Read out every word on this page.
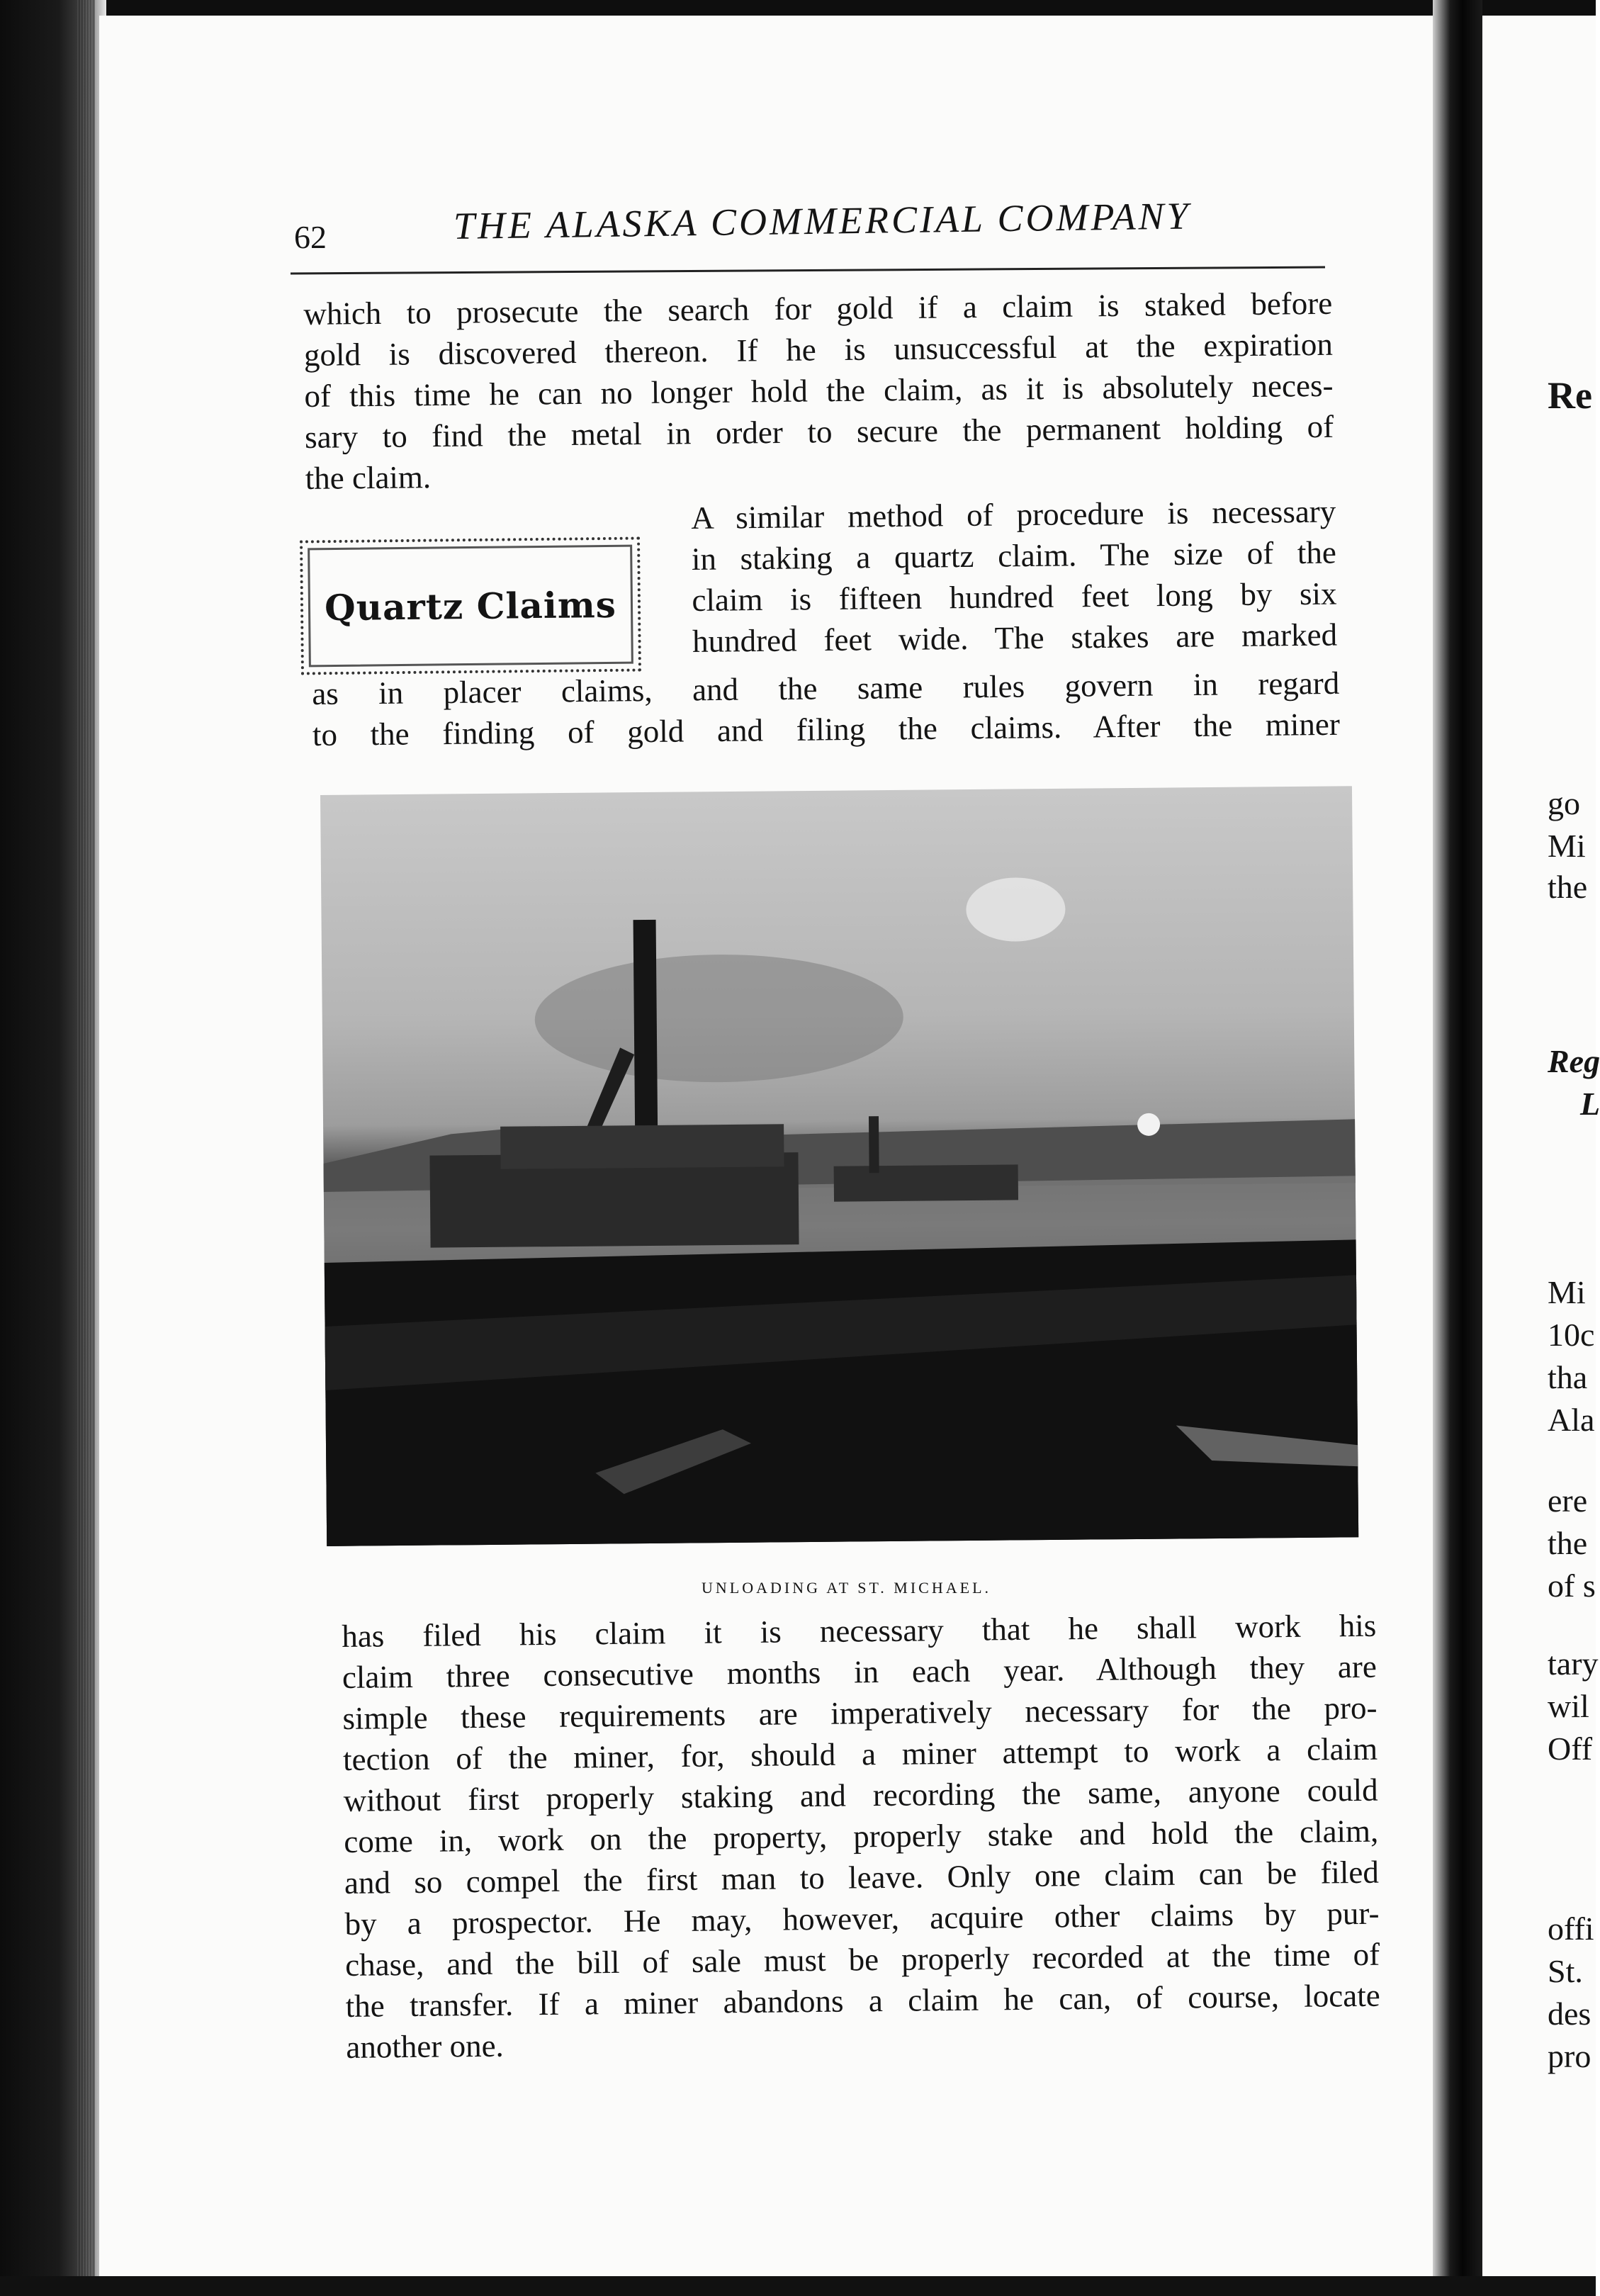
62	THE ALASKA COMMERCIAL COMPANY
which to prosecute the search for gold if a claim is staked before
gold is discovered thereon. If he is unsuccessful at the expiration
of this time he can no longer hold the claim, as it is absolutely neces-
sary to find the metal in order to secure the permanent holding of
the claim.
Quartz Claims
A similar method of procedure is necessary
in staking a quartz claim. The size of the
claim is fifteen hundred feet long by six
hundred feet wide. The stakes are marked
as in placer claims, and the same rules govern in regard
to the finding of gold and filing the claims. After the miner
UNLOADING AT ST. MICHAEL.
has filed his claim it is necessary that he shall work his
claim three consecutive months in each year. Although they are
simple these requirements are imperatively necessary for the pro-
tection of the miner, for, should a miner attempt to work a claim
without first properly staking and recording the same, anyone could
come in, work on the property, properly stake and hold the claim,
and so compel the first man to leave. Only one claim can be filed
by a prospector. He may, however, acquire other claims by pur-
chase, and the bill of sale must be properly recorded at the time of
the transfer. If a miner abandons a claim he can, of course, locate
another one.
Re
go
Mi
the
Reg
L
Mi
10c
tha
Ala
ere
the
of s
tary
wil
Off
offi
St.
des
pro
